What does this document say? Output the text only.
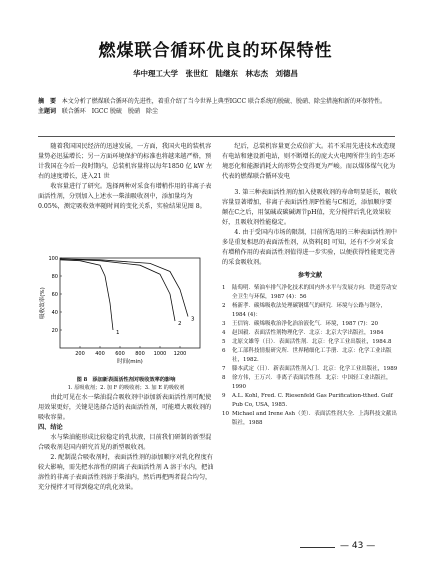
燃煤联合循环优良的环保特性
华中理工大学　张世红　陆继东　林志杰　刘德昌
摘　要 本文分析了燃煤联合循环的先进性，着重介绍了当今世界上典型IGCC 联合系统的脱硫、脱硝、除尘措施和新的环保特性。
主题词 联合循环　IGCC 脱硫　脱硝　除尘

随着我国国民经济的迅速发展，一方面，我国火电的装机容量势必迅猛增长；另一方面环境保护的标准也将越来越严格，预计我国在今后一段时期内，总装机容量将以每年1850 亿 kW 左右的速度增长，进入21 世

收容量进行了研究。选择两种对采食有增稍作用的非离子表面活性剂，分别加入上述水一柴油吸收剂中，添加量均为0.05%，测定吸收效率随时间的变化关系，实验结果见图 8。

200 400 600 800 1000 1200
100
80
60
40
20
时间(min)
吸收效率(%)
1
2
3
图 8　添加新表面活性剂对吸收效率的影响
1. 原吸收剂；2. 加 F 的吸收剂；3. 加 E 的吸收剂

由此可见在水一柴油混合吸收剂中添加新表面活性剂可配使用效果更好，关键是选择合适的表面活性剂，可能增大吸收剂的吸收容量。

四、结论

水与柴油能形成比较稳定的乳状液，目前我们研制的新型混合吸收剂是国内研究首见的新型吸收剂。

2. 配制混合吸收剂时，表面活性剂的添加顺序对乳化程度有较大影响，需先把水溶性的阴离子表面活性剂 A 溶于水内，把油溶性的非离子表面活性剂溶于柴油内，然后再把两者混合均匀，充分搅拌才可得到稳定的乳化效果。

纪后，总装机容量更会成倍扩大。若不采用先进技术改造现有电站和建设新电站，则不断增长的庞大火电网所伴生的生态环境恶化和能源消耗大的形势会变得更为严峻。而以煤体煤气化为代表的燃煤联合循环发电

3. 第三种表面活性剂的加入使吸收剂的寿命明显延长，吸收容量显著增加，非离子表面活性剂F性能与C相近，添加顺序要颠在C之后，用氢碱或碳碱调节pH值，充分搅拌后乳化效果较好，且吸收剂性能稳定。

4. 由于受国内市场的限制，目前所选用的三种表面活性剂中多是重复相思的表面活性剂，从资料[8] 可知，还有不少对采食有增稍作用的表面活性剂值得进一步实验，以便获得性能更完善的采食吸收剂。

参考文献

1 陆萄明．柴油车排气净化技术的国内外水平与发展方向．铁道劳动安全卫生与环保，1987 (4)：56
2 杨新孝．碳烯吸收法处理碳钢煤气的研究．环境与公路与钢分，1984 (4)：
3 王信钧．碳烯吸收治净化治治液化气．环境，1987 (7)：20
4 赵国毅．表面活性剂物理化学．北京：北京大学出版社，1984
5 北原文雄等（日）．表面活性剂．北京：化学工业出版社，1984.8
6 化工部科技情报研究所．世界精细化工手册．北京：化学工业出版社，1982.
7 滕本武定（日）．新表面活性剂入门．北京：化学工业出版社，1989
8 徐方伟，王万兴．非离子表面活性剂．北京：中国轻工业出版社，1990
9 A.L. Kohl, Fred. C. Riesenfeld Gas Purification-tthed. Gulf Pub Co, USA, 1985.
10 Michael and Irene Ash（美）．表面活性剂大全．上海科技文献出版社，1988
— 43 —
